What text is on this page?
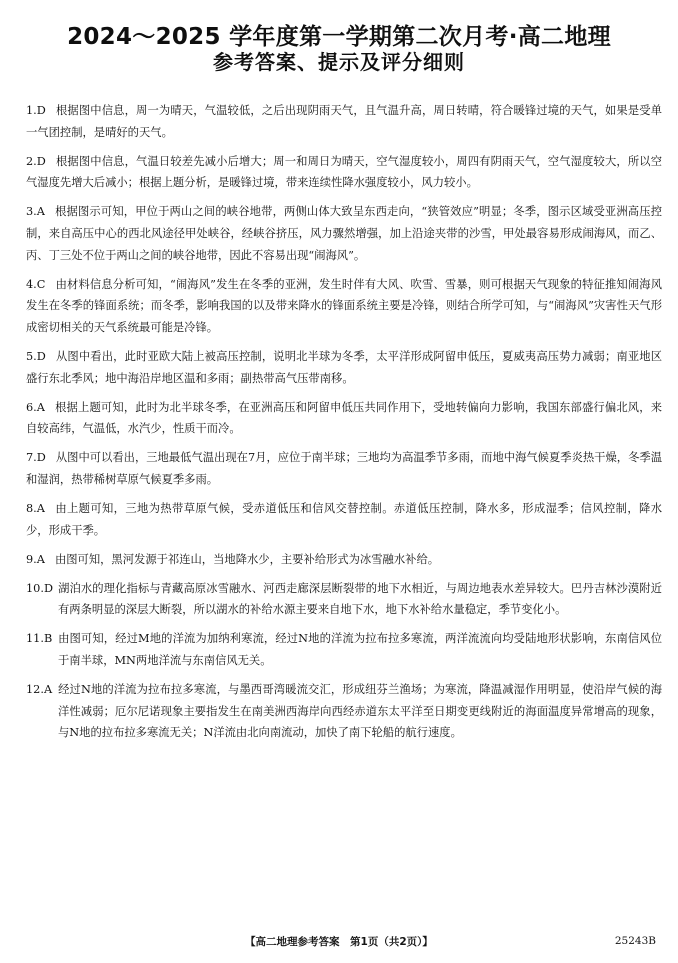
2024～2025 学年度第一学期第二次月考·高二地理
参考答案、提示及评分细则
1.D 根据图中信息，周一为晴天，气温较低，之后出现阴雨天气，且气温升高，周日转晴，符合暖锋过境的天气，如果是受单一气团控制，是晴好的天气。
2.D 根据图中信息，气温日较差先减小后增大；周一和周日为晴天，空气湿度较小，周四有阴雨天气，空气湿度较大，所以空气湿度先增大后减小；根据上题分析，是暖锋过境，带来连续性降水强度较小，风力较小。
3.A 根据图示可知，甲位于两山之间的峡谷地带，两侧山体大致呈东西走向，“狭管效应”明显；冬季，图示区域受亚洲高压控制，来自高压中心的西北风途径甲处峡谷，经峡谷挤压，风力骤然增强，加上沿途夹带的沙雪，甲处最容易形成闹海风，而乙、丙、丁三处不位于两山之间的峡谷地带，因此不容易出现“闹海风”。
4.C 由材料信息分析可知，“闹海风”发生在冬季的亚洲，发生时伴有大风、吹雪、雪暴，则可根据天气现象的特征推知闹海风发生在冬季的锋面系统；而冬季，影响我国的以及带来降水的锋面系统主要是冷锋，则结合所学可知，与“闹海风”灾害性天气形成密切相关的天气系统最可能是冷锋。
5.D 从图中看出，此时亚欧大陆上被高压控制，说明北半球为冬季，太平洋形成阿留申低压，夏威夷高压势力减弱；南亚地区盛行东北季风；地中海沿岸地区温和多雨；副热带高气压带南移。
6.A 根据上题可知，此时为北半球冬季，在亚洲高压和阿留申低压共同作用下，受地转偏向力影响，我国东部盛行偏北风，来自较高纬，气温低，水汽少，性质干而冷。
7.D 从图中可以看出，三地最低气温出现在7月，应位于南半球；三地均为高温季节多雨，而地中海气候夏季炎热干燥，冬季温和湿润，热带稀树草原气候夏季多雨。
8.A 由上题可知，三地为热带草原气候，受赤道低压和信风交替控制。赤道低压控制，降水多，形成湿季；信风控制，降水少，形成干季。
9.A 由图可知，黑河发源于祁连山，当地降水少，主要补给形式为冰雪融水补给。
10.D 湖泊水的理化指标与青藏高原冰雪融水、河西走廊深层断裂带的地下水相近，与周边地表水差异较大。巴丹吉林沙漠附近有两条明显的深层大断裂，所以湖水的补给水源主要来自地下水，地下水补给水量稳定，季节变化小。
11.B 由图可知，经过M地的洋流为加纳利寒流，经过N地的洋流为拉布拉多寒流，两洋流流向均受陆地形状影响，东南信风位于南半球，MN两地洋流与东南信风无关。
12.A 经过N地的洋流为拉布拉多寒流，与墨西哥湾暖流交汇，形成纽芬兰渔场；为寒流，降温减湿作用明显，使沿岸气候的海洋性减弱；厄尔尼诺现象主要指发生在南美洲西海岸向西经赤道东太平洋至日期变更线附近的海面温度异常增高的现象，与N地的拉布拉多寒流无关；N洋流由北向南流动，加快了南下轮船的航行速度。
【高二地理参考答案　第1页（共2页）】	25243B
